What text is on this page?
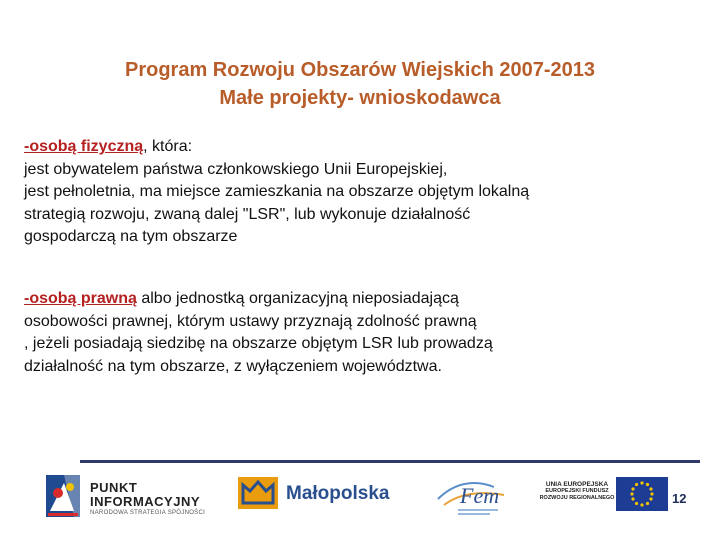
Program Rozwoju Obszarów Wiejskich 2007-2013
Małe projekty- wnioskodawca
-osobą fizyczną, która:
jest obywatelem państwa członkowskiego Unii Europejskiej,
jest pełnoletnia, ma miejsce zamieszkania na obszarze objętym lokalną
strategią rozwoju, zwaną dalej "LSR", lub wykonuje działalność
gospodarczą na tym obszarze
-osobą prawną albo jednostką organizacyjną nieposiadającą
osobowości prawnej, którym ustawy przyznają zdolność prawną
, jeżeli posiadają siedzibę na obszarze objętym LSR lub prowadzą
działalność na tym obszarze, z wyłączeniem województwa.
PUNKT
INFORMACYJNY
NARODOWA STRATEGIA SPÓJNOŚCI
Małopolska	Fem	UNIA EUROPEJSKA
EUROPEJSKI FUNDUSZ
ROZWOJU REGIONALNEGO	12
